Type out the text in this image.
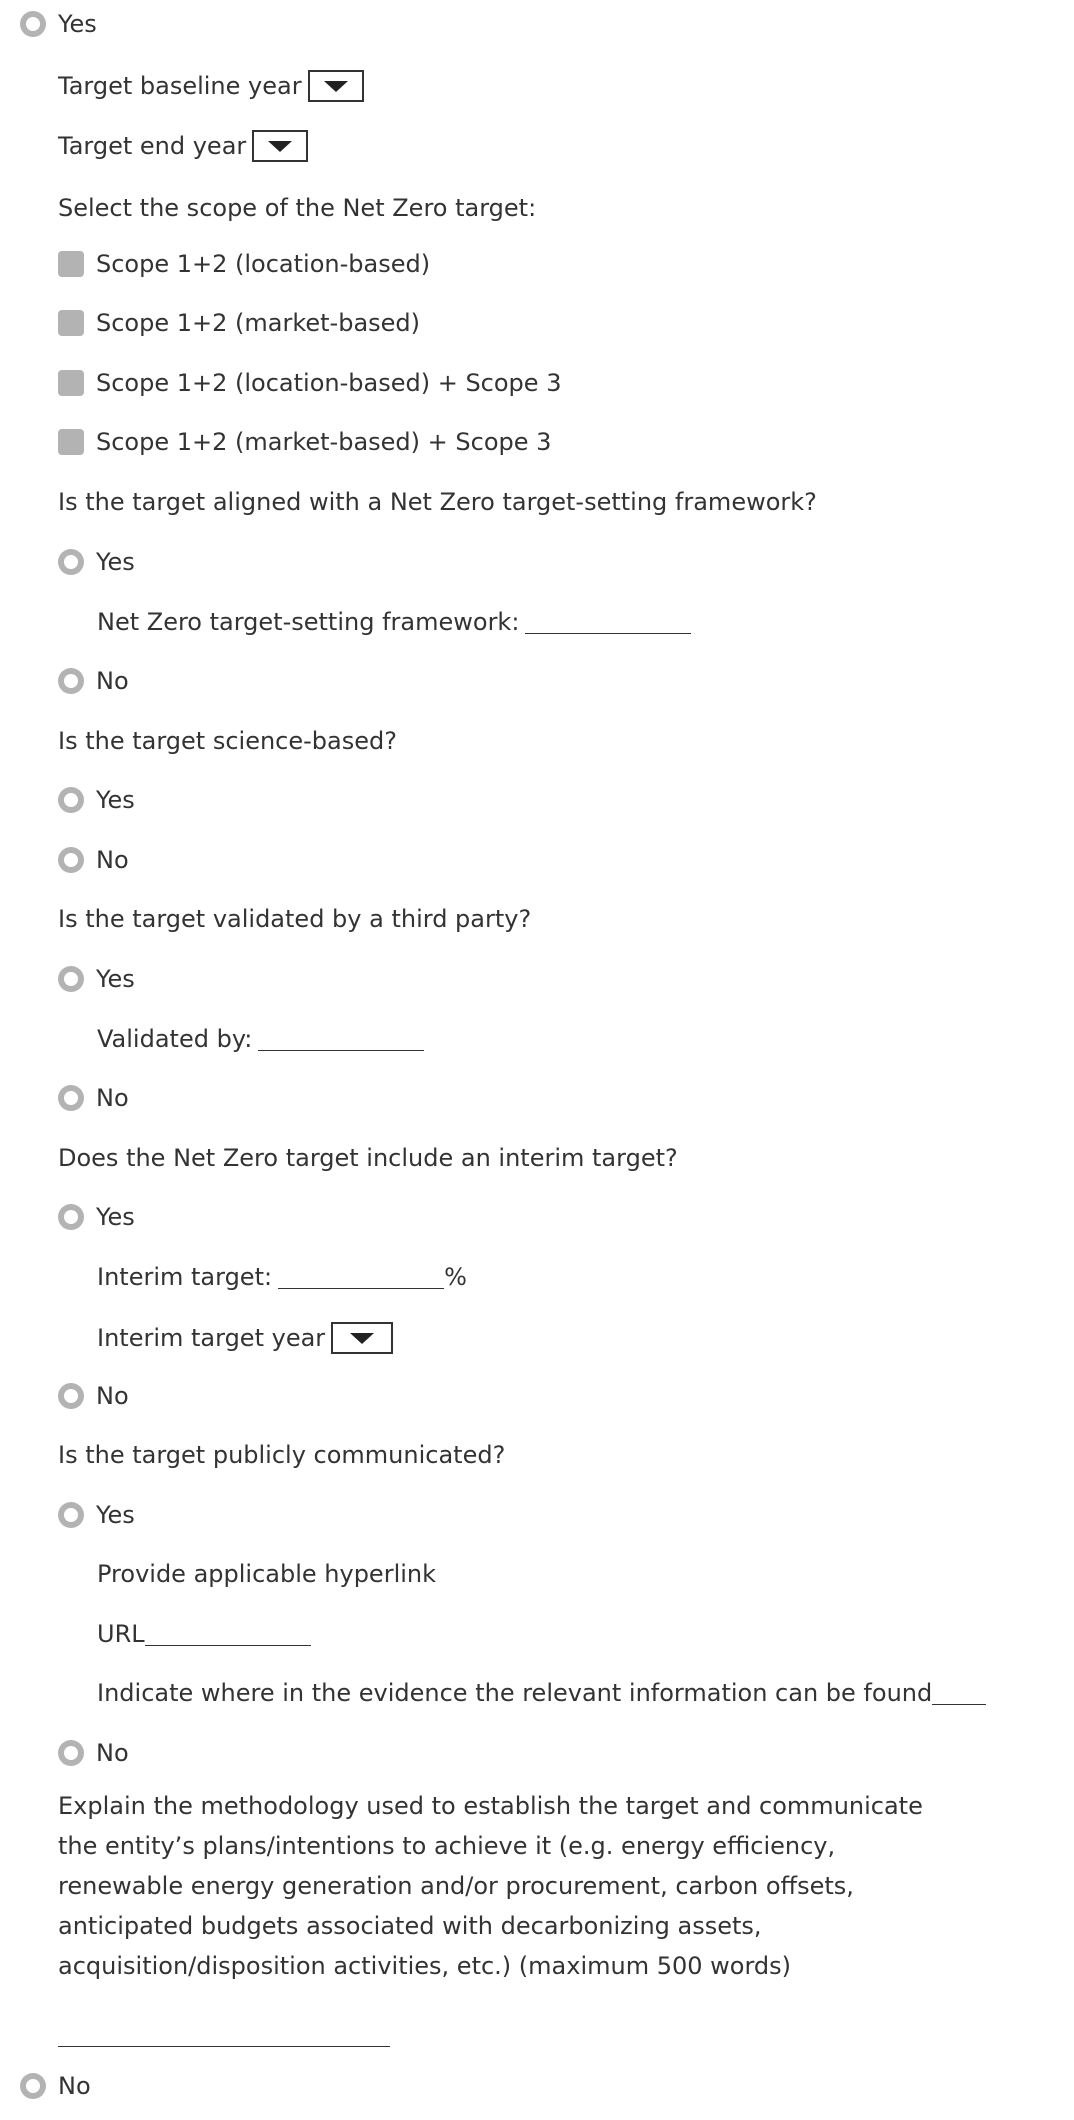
Yes
Target baseline year
Target end year
Select the scope of the Net Zero target:
Scope 1+2 (location-based)
Scope 1+2 (market-based)
Scope 1+2 (location-based) + Scope 3
Scope 1+2 (market-based) + Scope 3
Is the target aligned with a Net Zero target-setting framework?
Yes
Net Zero target-setting framework:
No
Is the target science-based?
Yes
No
Is the target validated by a third party?
Yes
Validated by:
No
Does the Net Zero target include an interim target?
Yes
Interim target:	%
Interim target year
No
Is the target publicly communicated?
Yes
Provide applicable hyperlink
URL
Indicate where in the evidence the relevant information can be found
No
Explain the methodology used to establish the target and communicate the entity’s plans/intentions to achieve it (e.g. energy efficiency, renewable energy generation and/or procurement, carbon offsets, anticipated budgets associated with decarbonizing assets, acquisition/disposition activities, etc.) (maximum 500 words)
No
